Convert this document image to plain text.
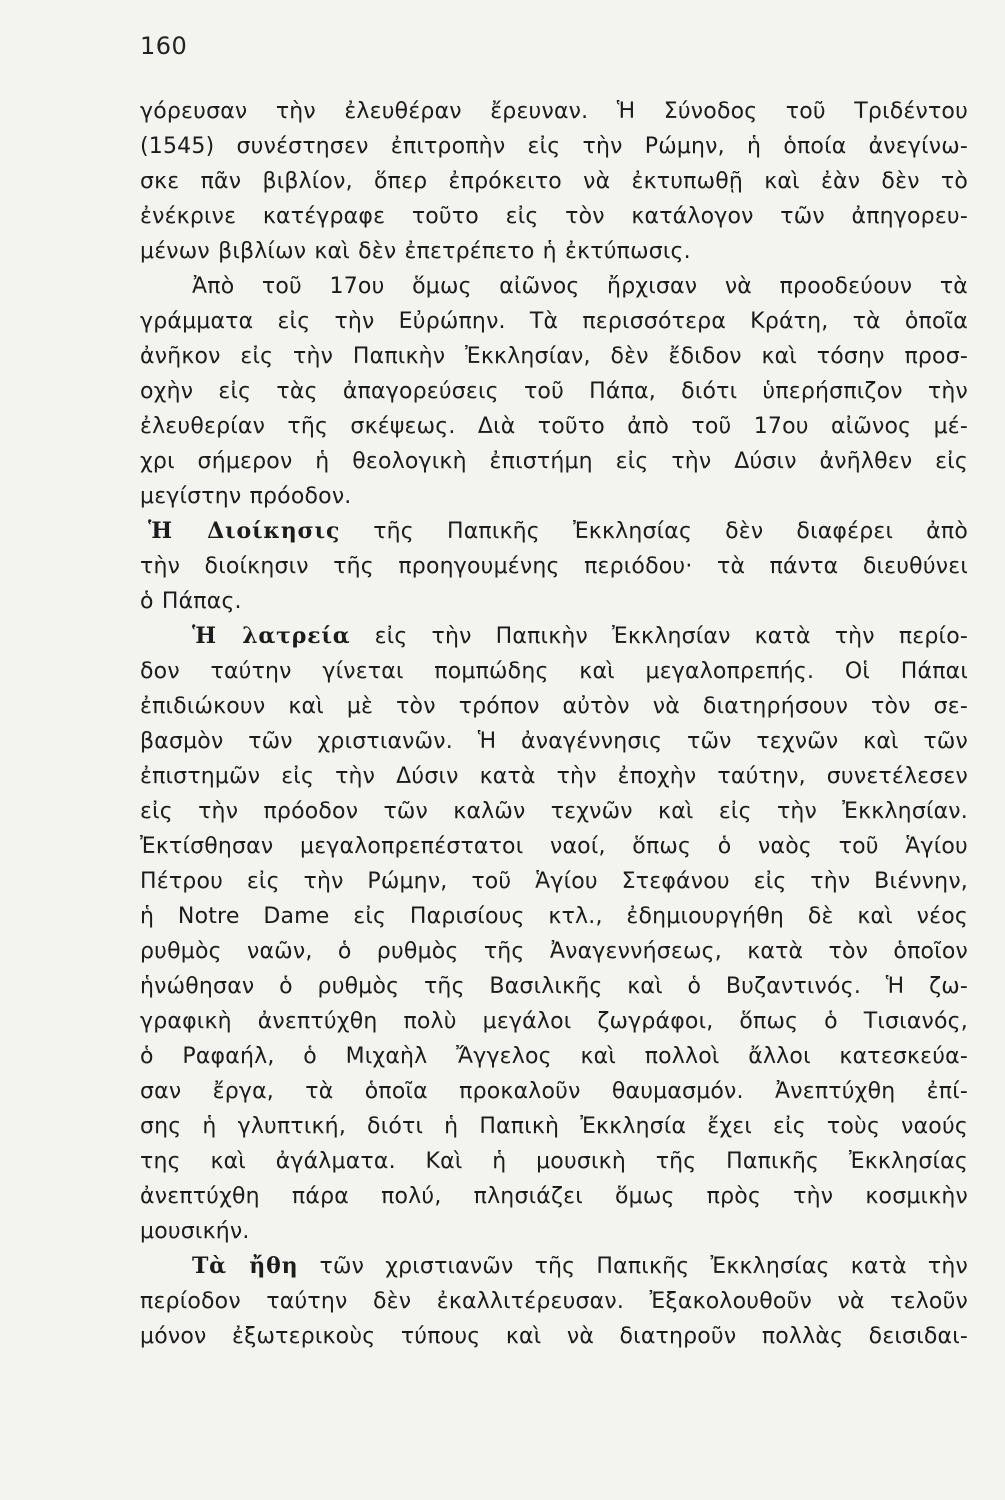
160
γόρευσαν τὴν ἐλευθέραν ἔρευναν. Ἡ Σύνοδος τοῦ Τριδέντου
(1545) συνέστησεν ἐπιτροπὴν εἰς τὴν Ρώμην, ἡ ὁποία ἀνεγίνω-
σκε πᾶν βιβλίον, ὅπερ ἐπρόκειτο νὰ ἐκτυπωθῇ καὶ ἐὰν δὲν τὸ
ἐνέκρινε κατέγραφε τοῦτο εἰς τὸν κατάλογον τῶν ἀπηγορευ-
μένων βιβλίων καὶ δὲν ἐπετρέπετο ἡ ἐκτύπωσις.
Ἀπὸ τοῦ 17ου ὅμως αἰῶνος ἤρχισαν νὰ προοδεύουν τὰ
γράμματα εἰς τὴν Εὐρώπην. Τὰ περισσότερα Κράτη, τὰ ὁποῖα
ἀνῆκον εἰς τὴν Παπικὴν Ἐκκλησίαν, δὲν ἔδιδον καὶ τόσην προσ-
οχὴν εἰς τὰς ἀπαγορεύσεις τοῦ Πάπα, διότι ὑπερήσπιζον τὴν
ἐλευθερίαν τῆς σκέψεως. Διὰ τοῦτο ἀπὸ τοῦ 17ου αἰῶνος μέ-
χρι σήμερον ἡ θεολογικὴ ἐπιστήμη εἰς τὴν Δύσιν ἀνῆλθεν εἰς
μεγίστην πρόοδον.
Ἡ Διοίκησις τῆς Παπικῆς Ἐκκλησίας δὲν διαφέρει ἀπὸ
τὴν διοίκησιν τῆς προηγουμένης περιόδου· τὰ πάντα διευθύνει
ὁ Πάπας.
Ἡ λατρεία εἰς τὴν Παπικὴν Ἐκκλησίαν κατὰ τὴν περίο-
δον ταύτην γίνεται πομπώδης καὶ μεγαλοπρεπής. Οἱ Πάπαι
ἐπιδιώκουν καὶ μὲ τὸν τρόπον αὐτὸν νὰ διατηρήσουν τὸν σε-
βασμὸν τῶν χριστιανῶν. Ἡ ἀναγέννησις τῶν τεχνῶν καὶ τῶν
ἐπιστημῶν εἰς τὴν Δύσιν κατὰ τὴν ἐποχὴν ταύτην, συνετέλεσεν
εἰς τὴν πρόοδον τῶν καλῶν τεχνῶν καὶ εἰς τὴν Ἐκκλησίαν.
Ἐκτίσθησαν μεγαλοπρεπέστατοι ναοί, ὅπως ὁ ναὸς τοῦ Ἁγίου
Πέτρου εἰς τὴν Ρώμην, τοῦ Ἁγίου Στεφάνου εἰς τὴν Βιέννην,
ἡ Notre Dame εἰς Παρισίους κτλ., ἐδημιουργήθη δὲ καὶ νέος
ρυθμὸς ναῶν, ὁ ρυθμὸς τῆς Ἀναγεννήσεως, κατὰ τὸν ὁποῖον
ἡνώθησαν ὁ ρυθμὸς τῆς Βασιλικῆς καὶ ὁ Βυζαντινός. Ἡ ζω-
γραφικὴ ἀνεπτύχθη πολὺ μεγάλοι ζωγράφοι, ὅπως ὁ Τισιανός,
ὁ Ραφαήλ, ὁ Μιχαὴλ Ἄγγελος καὶ πολλοὶ ἄλλοι κατεσκεύα-
σαν ἔργα, τὰ ὁποῖα προκαλοῦν θαυμασμόν. Ἀνεπτύχθη ἐπί-
σης ἡ γλυπτική, διότι ἡ Παπικὴ Ἐκκλησία ἔχει εἰς τοὺς ναούς
της καὶ ἀγάλματα. Καὶ ἡ μουσικὴ τῆς Παπικῆς Ἐκκλησίας
ἀνεπτύχθη πάρα πολύ, πλησιάζει ὅμως πρὸς τὴν κοσμικὴν
μουσικήν.
Τὰ ἤθη τῶν χριστιανῶν τῆς Παπικῆς Ἐκκλησίας κατὰ τὴν
περίοδον ταύτην δὲν ἐκαλλιτέρευσαν. Ἐξακολουθοῦν νὰ τελοῦν
μόνον ἐξωτερικοὺς τύπους καὶ νὰ διατηροῦν πολλὰς δεισιδαι-
